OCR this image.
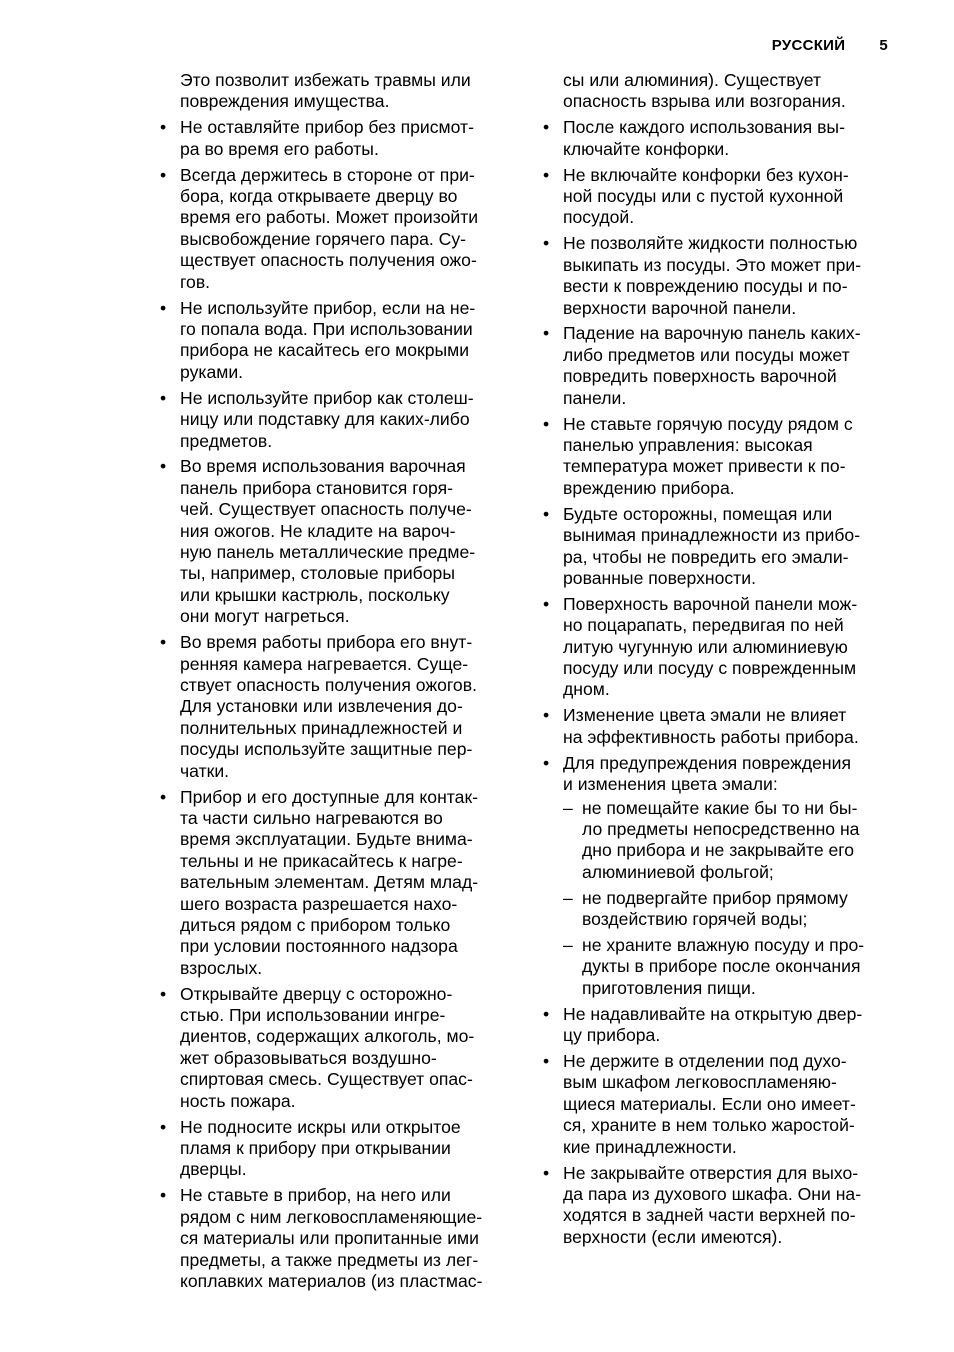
РУССКИЙ 5
Это позволит избежать травмы или
повреждения имущества.
• Не оставляйте прибор без присмот-
ра во время его работы.
• Всегда держитесь в стороне от при-
бора, когда открываете дверцу во
время его работы. Может произойти
высвобождение горячего пара. Су-
ществует опасность получения ожо-
гов.
• Не используйте прибор, если на не-
го попала вода. При использовании
прибора не касайтесь его мокрыми
руками.
• Не используйте прибор как столеш-
ницу или подставку для каких-либо
предметов.
• Во время использования варочная
панель прибора становится горя-
чей. Существует опасность получе-
ния ожогов. Не кладите на вароч-
ную панель металлические предме-
ты, например, столовые приборы
или крышки кастрюль, поскольку
они могут нагреться.
• Во время работы прибора его внут-
ренняя камера нагревается. Суще-
ствует опасность получения ожогов.
Для установки или извлечения до-
полнительных принадлежностей и
посуды используйте защитные пер-
чатки.
• Прибор и его доступные для контак-
та части сильно нагреваются во
время эксплуатации. Будьте внима-
тельны и не прикасайтесь к нагре-
вательным элементам. Детям млад-
шего возраста разрешается нахо-
диться рядом с прибором только
при условии постоянного надзора
взрослых.
• Открывайте дверцу с осторожно-
стью. При использовании ингре-
диентов, содержащих алкоголь, мо-
жет образовываться воздушно-
спиртовая смесь. Существует опас-
ность пожара.
• Не подносите искры или открытое
пламя к прибору при открывании
дверцы.
• Не ставьте в прибор, на него или
рядом с ним легковоспламеняющие-
ся материалы или пропитанные ими
предметы, а также предметы из лег-
коплавких материалов (из пластмас-
сы или алюминия). Существует
опасность взрыва или возгорания.
• После каждого использования вы-
ключайте конфорки.
• Не включайте конфорки без кухон-
ной посуды или с пустой кухонной
посудой.
• Не позволяйте жидкости полностью
выкипать из посуды. Это может при-
вести к повреждению посуды и по-
верхности варочной панели.
• Падение на варочную панель каких-
либо предметов или посуды может
повредить поверхность варочной
панели.
• Не ставьте горячую посуду рядом с
панелью управления: высокая
температура может привести к по-
вреждению прибора.
• Будьте осторожны, помещая или
вынимая принадлежности из прибо-
ра, чтобы не повредить его эмали-
рованные поверхности.
• Поверхность варочной панели мож-
но поцарапать, передвигая по ней
литую чугунную или алюминиевую
посуду или посуду с поврежденным
дном.
• Изменение цвета эмали не влияет
на эффективность работы прибора.
• Для предупреждения повреждения
и изменения цвета эмали:
– не помещайте какие бы то ни бы-
ло предметы непосредственно на
дно прибора и не закрывайте его
алюминиевой фольгой;
– не подвергайте прибор прямому
воздействию горячей воды;
– не храните влажную посуду и про-
дукты в приборе после окончания
приготовления пищи.
• Не надавливайте на открытую двер-
цу прибора.
• Не держите в отделении под духо-
вым шкафом легковоспламеняю-
щиеся материалы. Если оно имеет-
ся, храните в нем только жаростой-
кие принадлежности.
• Не закрывайте отверстия для выхо-
да пара из духового шкафа. Они на-
ходятся в задней части верхней по-
верхности (если имеются).
